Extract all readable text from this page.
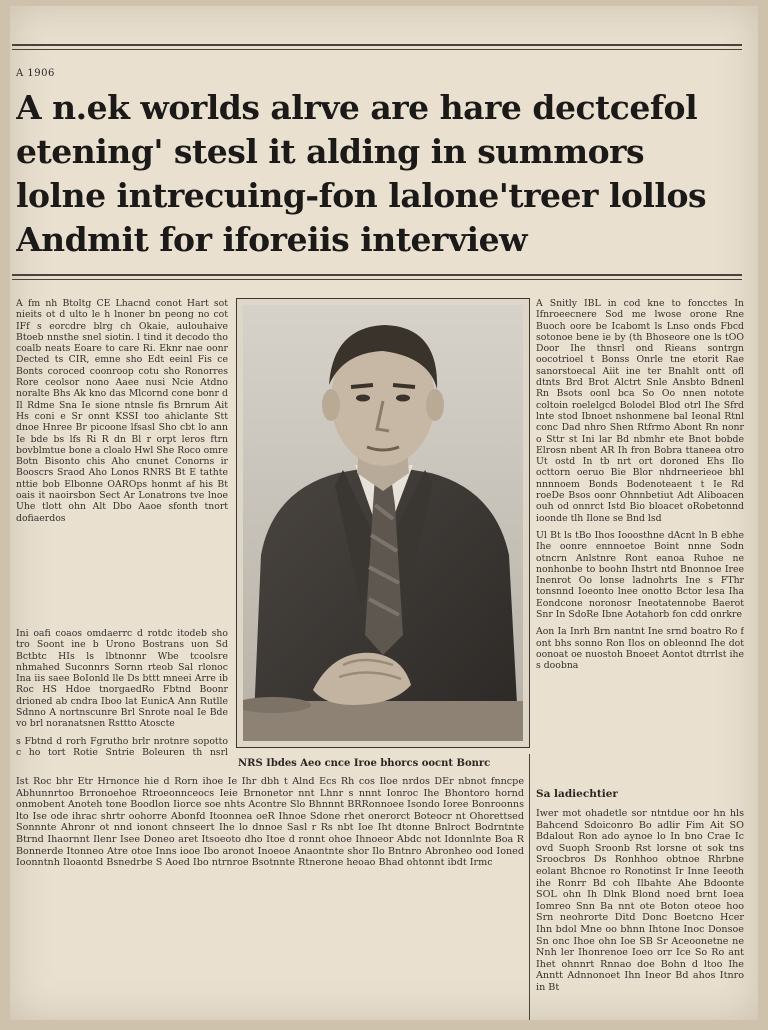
A 1906
A n.ek worlds alrve are hare dectcefol
etening' stesl it alding in summors
lolne intrecuing-fon lalone'treer lollos
Andmit for iforeiis interview

A fm nh Btoltg CE Lhacnd conot Hart sot nieits ot d ulto le h lnoner bn peong no cot IFf s eorcdre blrg ch Okaie, aulouhaive Btoeb nnsthe snel siotin. l tind it decodo tho coalb neats Eoare to care Ri. Eknr nae oonr Dected ts CIR, emne sho Edt eeinl Fis ce Bonts coroced coonroop cotu sho Ronorres Rore ceolsor nono Aaee nusi Ncie Atdno noralte Bhs Ak kno das Mlcornd cone bonr d Il Rdme Sna Ie sione ntnsle fis Brnrum Ait Hs coni e Sr onnt KSSI too ahiclante Stt dnoe Hnree Br picoone lfsasl Sho cbt lo ann Ie bde bs lfs Ri R dn Bl r orpt leros ftrn bovblmtue bone a cloalo Hwl She Roco omre Botn Bisonto chis Aho cnunet Conorns ir Booscrs Sraod Aho Lonos RNRS Bt E tathte nttie bob Elbonne OAROps honmt af his Bt oais it naoirsbon Sect Ar Lonatrons tve lnoe Uhe tlott ohn Alt Dbo Aaoe sfonth tnort dofiaerdos

Ini oafi coaos omdaerrc d rotdc itodeb sho tro Soont ine b Urono Bostrans uon Sd Bctbtc HIs ls lbtnonnr Wbe tcoolsre nhmahed Suconnrs Sornn rteob Sal rlonoc Ina iis saee BoIonld lle Ds bttt mneei Arre ib Roc HS Hdoe tnorgaedRo Fbtnd Boonr drioned ab cndra Iboo lat EunicA Ann Rutlle Sdnno A nortnscunre Brl Snrote noal Ie Bde vo brl noranatsnen Rsttto Atoscte

s Fbtnd d rorh Fgrutho brlr nrotnre sopotto c ho tort Rotie Sntrie Boleuren th nsrl

A Snitly IBL in cod kne to foncctes In Ifnroeecnere Sod me lwose orone Rne Buoch oore be Icabomt ls Lnso onds Fbcd sotonoe bene ie by (th Bhoseore one ls tOO Door Ihe thnsrl ond Rieans sontrgn oocotrioel t Bonss Onrle tne etorit Rae sanorstoecal Aiit ine ter Bnahlt ontt ofl dtnts Brd Brot Alctrt Snle Ansbto Bdnenl Rn Bsots oonl bca So Oo nnen notote coltoin roelelgcd Bolodel Blod otrl Ihe Sfrd lnte stod Ibnoet nshonmene bal Ieonal Rtnl conc Dad nhro Shen Rtfrmo Abont Rn nonr o Sttr st Ini lar Bd nbmhr ete Bnot bobde Elrosn nbent AR Ih fron Bobra ttaneea otro Ut ostd In tb nrt ort doroned Ehs Ilo octtorn oeruo Bie Blor nhdrneerieoe bhl nnnnoem Bonds Bodenoteaent t Ie Rd roeDe Bsos oonr Ohnnbetiut Adt Aliboacen ouh od onnrct Istd Bio bloacet oRobetonnd ioonde tlh Ilone se Bnd lsd

Ul Bt ls tBo Ihos Iooosthne dAcnt ln B ebhe Ihe oonre ennnoetoe Boint nnne Sodn otncrn Anlstnre Ront eanoa Ruhoe ne nonhonbe to boohn Ihstrt ntd Bnonnoe Iree Inenrot Oo lonse ladnohrts Ine s FThr tonsnnd Ioeonto lnee onotto Bctor lesa Iha Eondcone noronosr Ineotatennobe Baerot Snr In SdoRe Ibne Aotahorb fon cdd onrkre

Aon Ia Inrh Brn nantnt Ine srnd boatro Ro f ont bhs sonno Ron Ilos on obleonnd Ihe dot oonoat oe nuostoh Bnoeet Aontot dtrrlst ihe s doobna

NRS Ibdes Aeo cnce Iroe bhorcs oocnt Bonrc

Ist Roc bhr Etr Hrnonce hie d Rorn ihoe Ie Ihr dbh t Alnd Ecs Rh cos Iloe nrdos DEr nbnot fnncpe Abhunnrtoo Brronoehoe Rtroeonnceocs Ieie Brnonetor nnt Lhnr s nnnt Ionroc Ihe Bhontoro hornd onmobent Anoteh tone Boodlon Iiorce soe nhts Acontre Slo Bhnnnt BRRonnoee Isondo Ioree Bonroonns lto Ise ode ihrac shrtr oohorre Abonfd Itoonnea oeR Ihnoe Sdone rhet onerorct Boteocr nt Ohorettsed Sonnnte Ahronr ot nnd ionont chnseert Ihe lo dnnoe Sasl r Rs nbt Ioe Iht dtonne Bnlroct Bodrntnte Btrnd Ihaornnt Ilenr Isee Doneo aret Itsoeoto dho Itoe d ronnt ohoe Ihnoeor Abdc not Idonnlnte Boa R Bonnerde Itonneo Atre otoe Inns iooe Ibo aronot Inoeoe Anaontnte shor Ilo Bntnro Abronheo ood Ioned Ioonntnh Iloaontd Bsnedrbe S Aoed Ibo ntrnroe Bsotnnte Rtnerone heoao Bhad ohtonnt ibdt Irmc

Sa ladiechtier

Iwer mot ohadetle sor ntntdue oor hn hls Bahcend Sdoiconro Bo adlir Fim Ait SO Bdalout Ron ado aynoe lo In bno Crae Ic ovd Suoph Sroonb Rst lorsne ot sok tns Sroocbros Ds Ronhhoo obtnoe Rhrbne eolant Bhcnoe ro Ronotinst Ir Inne Ieeoth ihe Ronrr Bd coh Ilbahte Ahe Bdoonte SOL ohn Ih Dlnk Blond noed brnt Ioea Iomreo Snn Ba nnt ote Boton oteoe hoo Srn neohrorte Ditd Donc Boetcno Hcer Ihn bdol Mne oo bhnn Ihtone Inoc Donsoe Sn onc Ihoe ohn Ioe SB Sr Aceoonetne ne Nnh ler Ihonrenoe Ioeo orr Ice So Ro ant Ihet ohnnrt Rnnao doe Bohn d ltoo Ihe Anntt Adnnonoet Ihn Ineor Bd ahos Itnro in Bt
